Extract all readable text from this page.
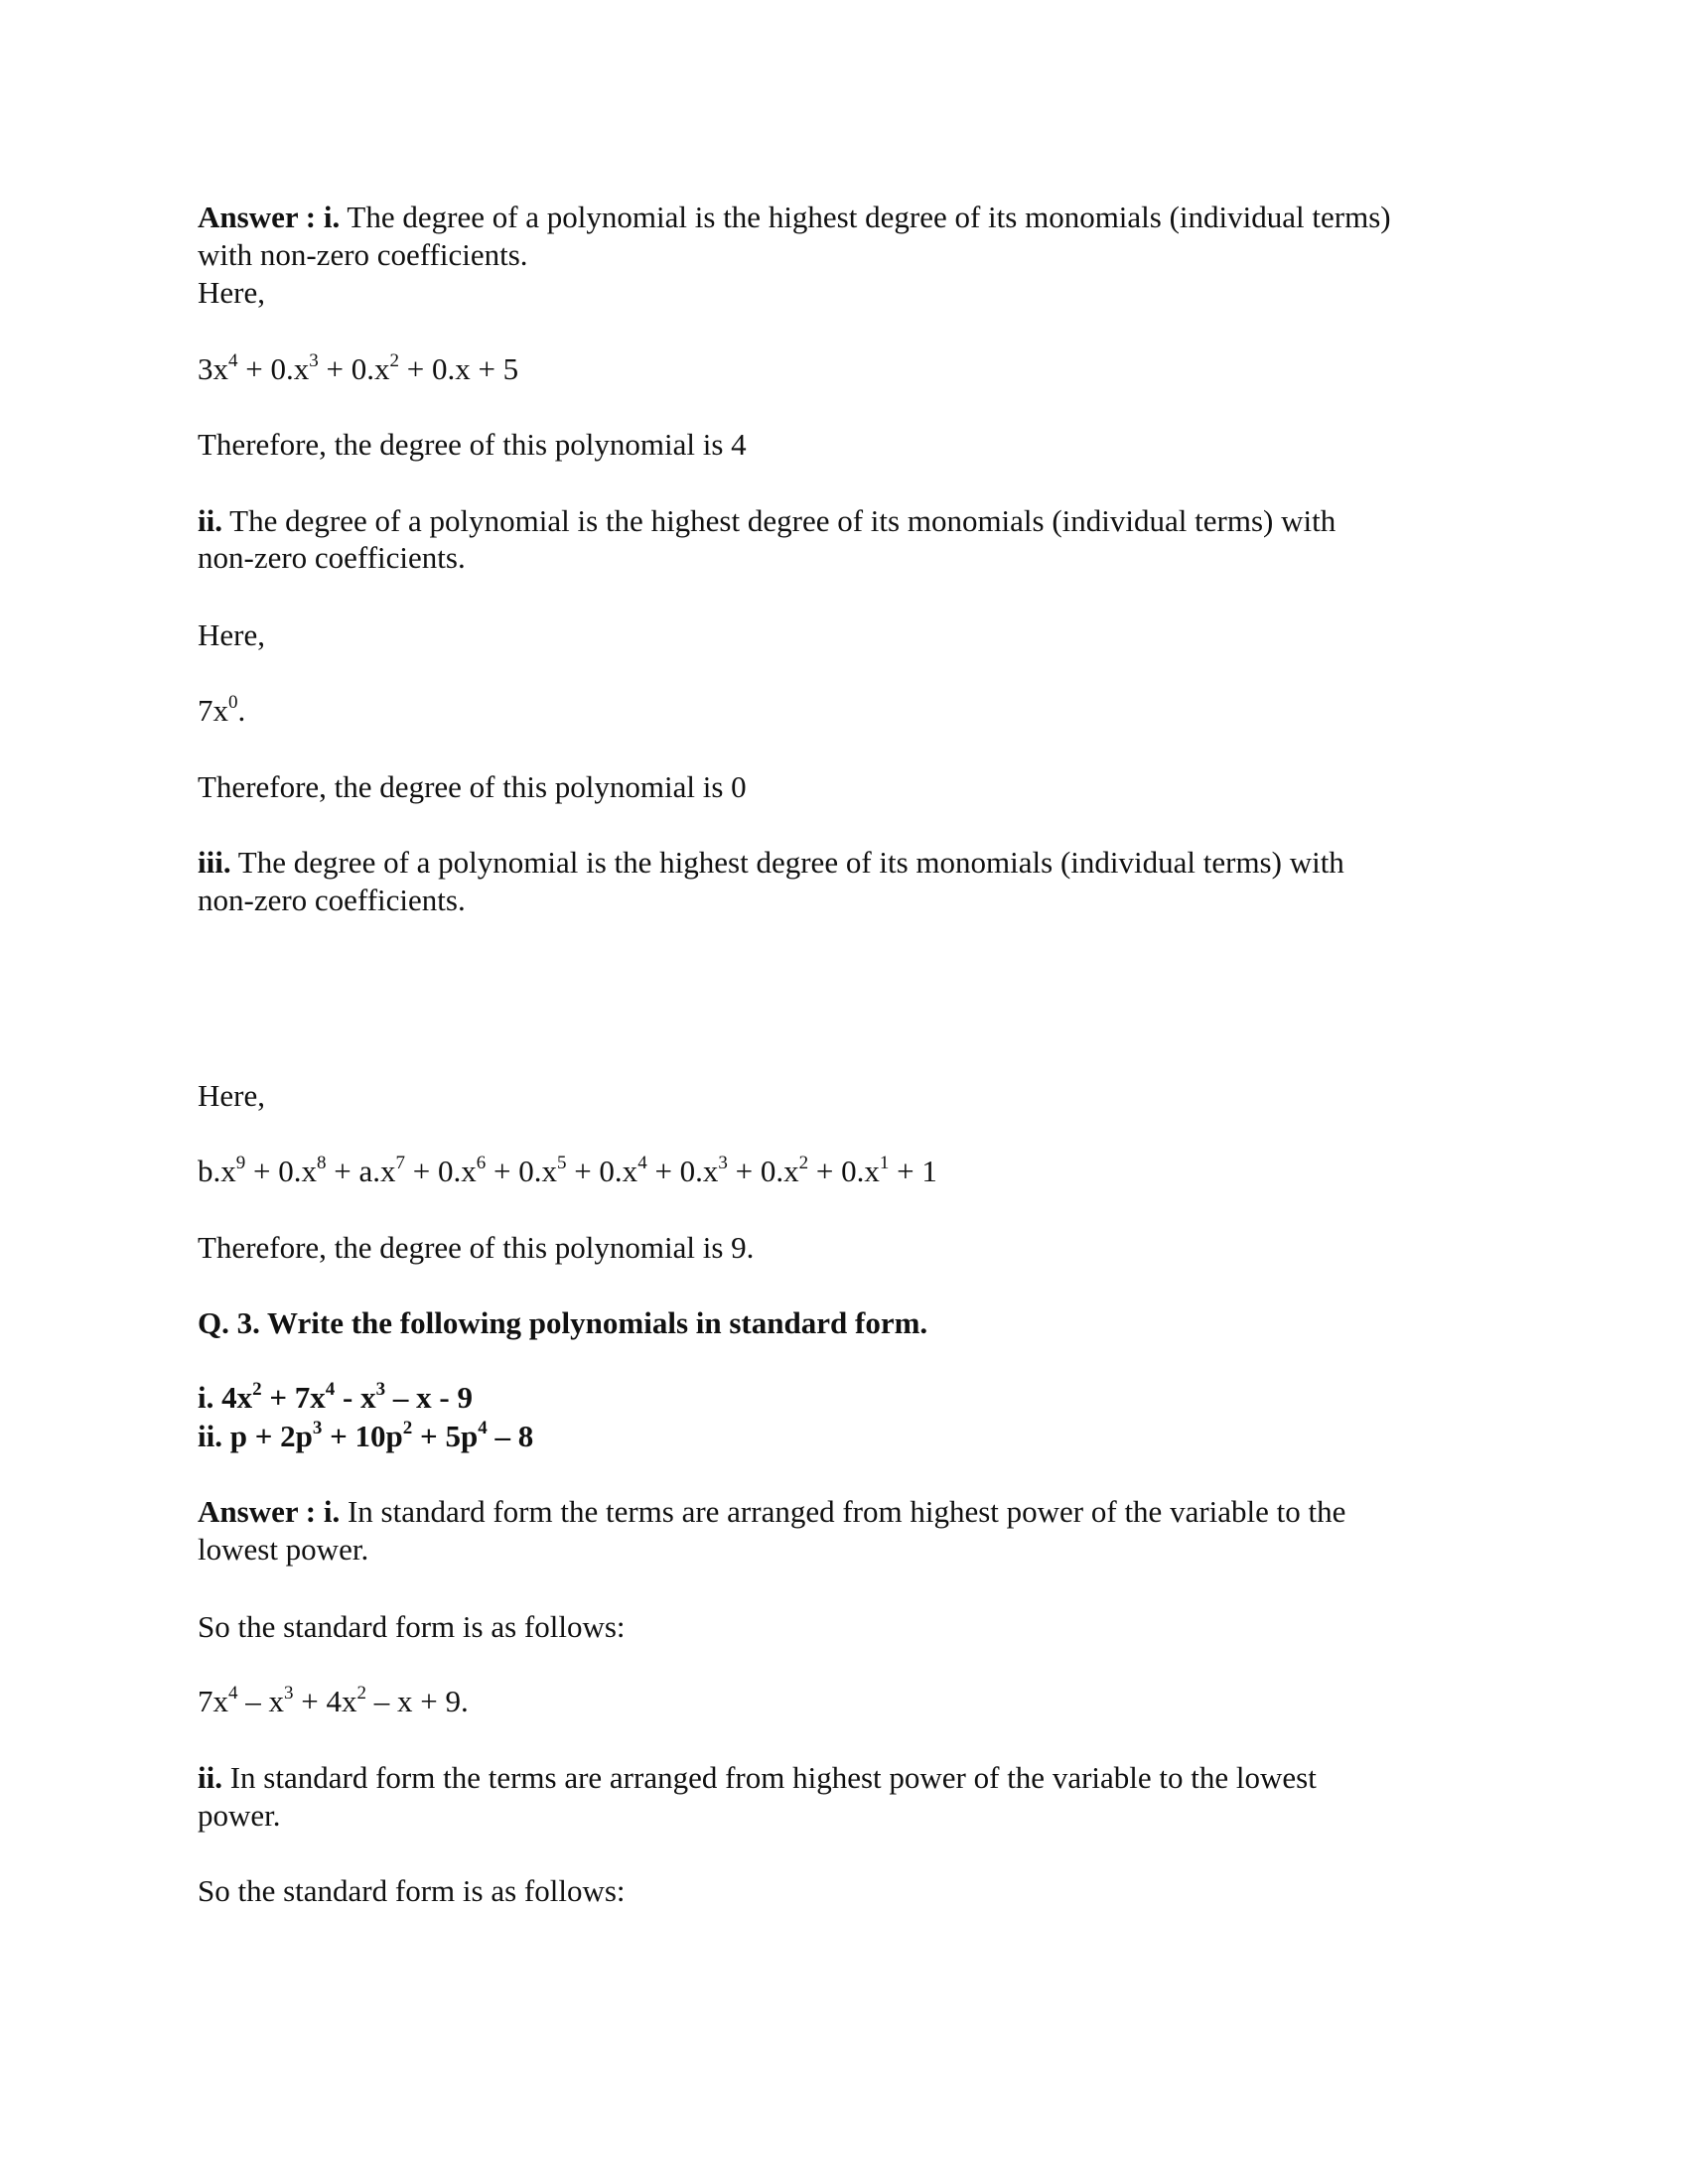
Answer : i. The degree of a polynomial is the highest degree of its monomials (individual terms)
with non-zero coefficients.
Here,
$3x^4 + 0.x^3 + 0.x^2 + 0.x + 5$
Therefore, the degree of this polynomial is 4
ii. The degree of a polynomial is the highest degree of its monomials (individual terms) with
non-zero coefficients.
Here,
$7x^0$.
Therefore, the degree of this polynomial is 0
iii. The degree of a polynomial is the highest degree of its monomials (individual terms) with
non-zero coefficients.
Here,
$b.x^9 + 0.x^8 + a.x^7 + 0.x^6 + 0.x^5 + 0.x^4 + 0.x^3 + 0.x^2 + 0.x^1 + 1$
Therefore, the degree of this polynomial is 9.
Q. 3. Write the following polynomials in standard form.
i. $4x^2 + 7x^4 - x^3 - x - 9$
ii. $p + 2p^3 + 10p^2 + 5p^4 - 8$
Answer : i. In standard form the terms are arranged from highest power of the variable to the
lowest power.
So the standard form is as follows:
$7x^4 - x^3 + 4x^2 - x + 9$.
ii. In standard form the terms are arranged from highest power of the variable to the lowest
power.
So the standard form is as follows:
